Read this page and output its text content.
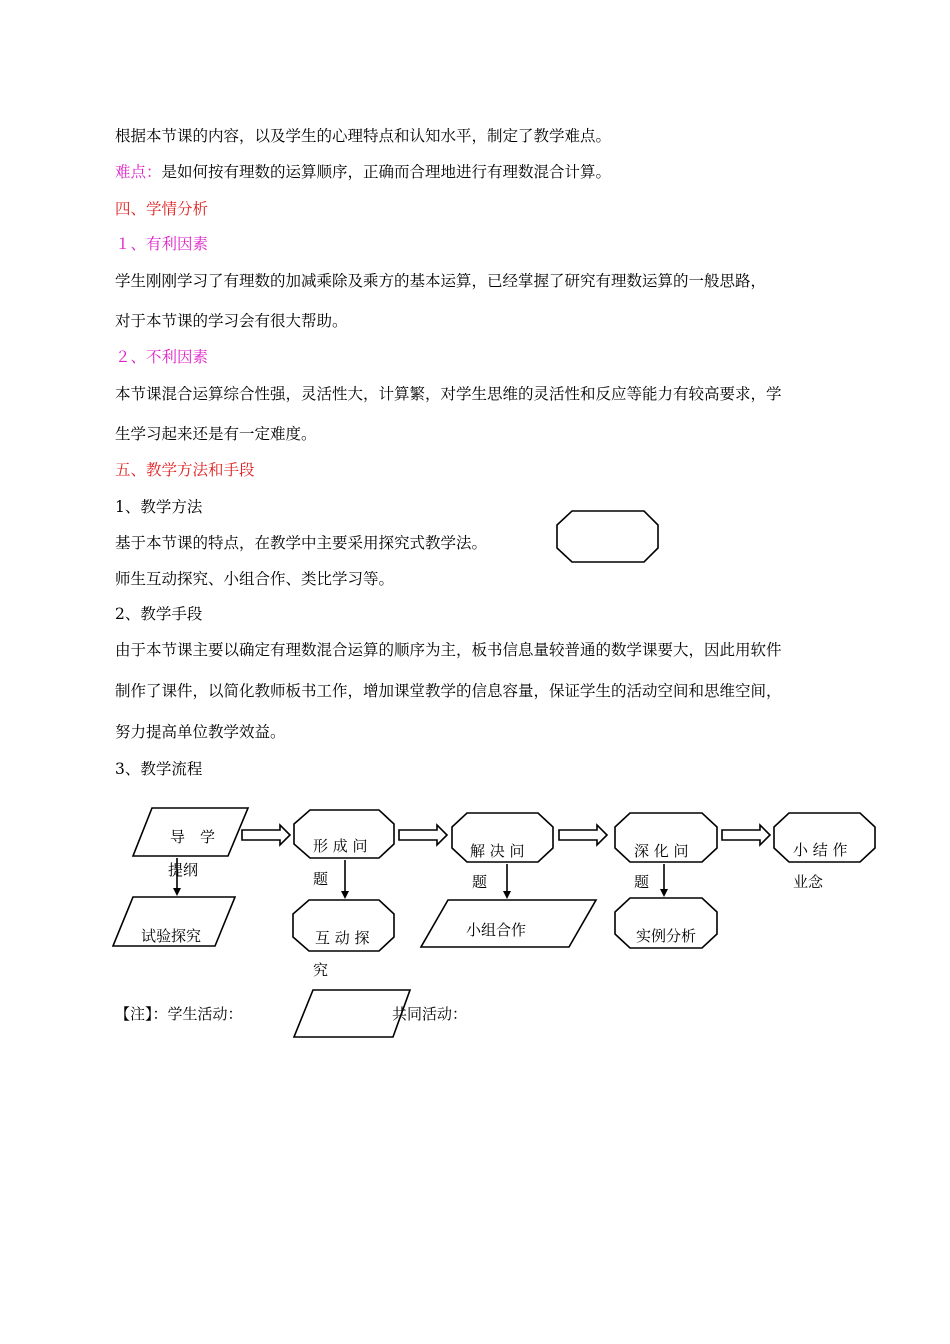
根据本节课的内容，以及学生的心理特点和认知水平，制定了教学难点。
难点：是如何按有理数的运算顺序，正确而合理地进行有理数混合计算。
四、学情分析
１、有利因素
学生刚刚学习了有理数的加减乘除及乘方的基本运算，已经掌握了研究有理数运算的一般思路，
对于本节课的学习会有很大帮助。
２、不利因素
本节课混合运算综合性强，灵活性大，计算繁，对学生思维的灵活性和反应等能力有较高要求，学
生学习起来还是有一定难度。
五、教学方法和手段
1、教学方法
基于本节课的特点，在教学中主要采用探究式教学法。
师生互动探究、小组合作、类比学习等。
2、教学手段
由于本节课主要以确定有理数混合运算的顺序为主，板书信息量较普通的数学课要大，因此用软件
制作了课件，以简化教师板书工作，增加课堂教学的信息容量，保证学生的活动空间和思维空间，
努力提高单位教学效益。
3、教学流程
导　学
提纲
形 成 问
题
解 决 问
题
深 化 问
题
小 结 作
业念
试验探究	互 动 探
究
小组合作	实例分析
【注】：学生活动：	共同活动：
